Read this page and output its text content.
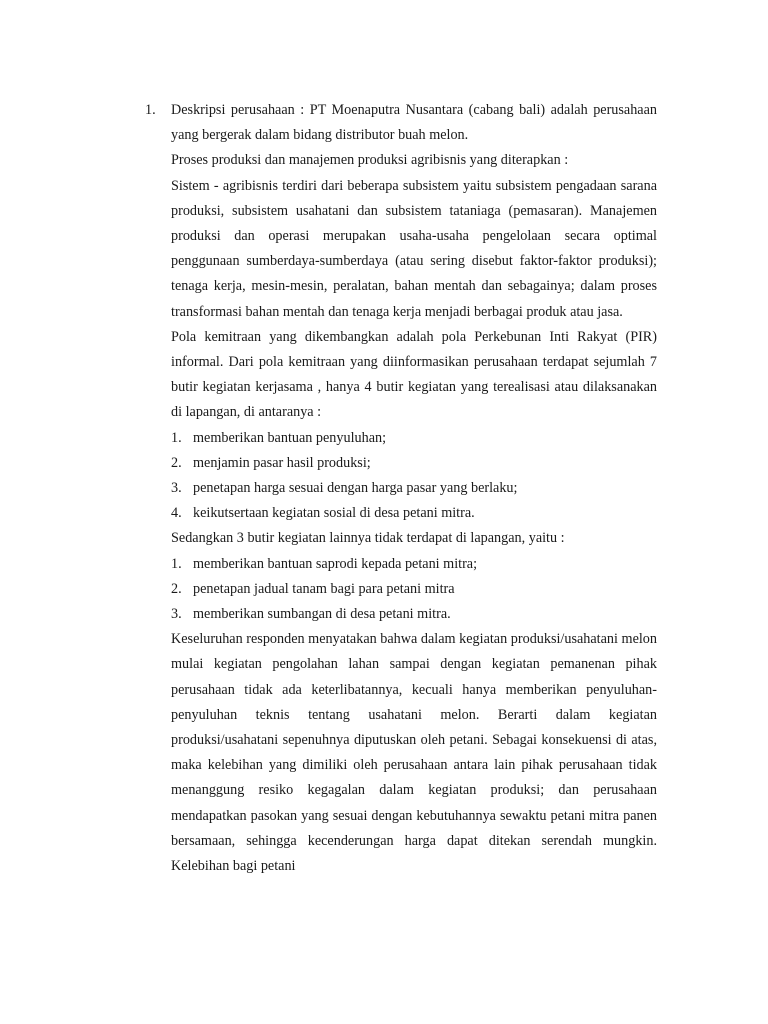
1. Deskripsi perusahaan : PT Moenaputra Nusantara (cabang bali) adalah perusahaan yang bergerak dalam bidang distributor buah melon.

Proses produksi dan manajemen produksi agribisnis yang diterapkan :

Sistem - agribisnis terdiri dari beberapa subsistem yaitu subsistem pengadaan sarana produksi, subsistem usahatani dan subsistem tataniaga (pemasaran). Manajemen produksi dan operasi merupakan usaha-usaha pengelolaan secara optimal penggunaan sumberdaya-sumberdaya (atau sering disebut faktor-faktor produksi); tenaga kerja, mesin-mesin, peralatan, bahan mentah dan sebagainya; dalam proses transformasi bahan mentah dan tenaga kerja menjadi berbagai produk atau jasa.

Pola kemitraan yang dikembangkan adalah pola Perkebunan Inti Rakyat (PIR) informal. Dari pola kemitraan yang diinformasikan perusahaan terdapat sejumlah 7 butir kegiatan kerjasama , hanya 4 butir kegiatan yang terealisasi atau dilaksanakan di lapangan, di antaranya :

1. memberikan bantuan penyuluhan;
2. menjamin pasar hasil produksi;
3. penetapan harga sesuai dengan harga pasar yang berlaku;
4. keikutsertaan kegiatan sosial di desa petani mitra.

Sedangkan 3 butir kegiatan lainnya tidak terdapat di lapangan, yaitu :

1. memberikan bantuan saprodi kepada petani mitra;
2. penetapan jadual tanam bagi para petani mitra
3. memberikan sumbangan di desa petani mitra.

Keseluruhan responden menyatakan bahwa dalam kegiatan produksi/usahatani melon mulai kegiatan pengolahan lahan sampai dengan kegiatan pemanenan pihak perusahaan tidak ada keterlibatannya, kecuali hanya memberikan penyuluhan-penyuluhan teknis tentang usahatani melon. Berarti dalam kegiatan produksi/usahatani sepenuhnya diputuskan oleh petani. Sebagai konsekuensi di atas, maka kelebihan yang dimiliki oleh perusahaan antara lain pihak perusahaan tidak menanggung resiko kegagalan dalam kegiatan produksi; dan perusahaan mendapatkan pasokan yang sesuai dengan kebutuhannya sewaktu petani mitra panen bersamaan, sehingga kecenderungan harga dapat ditekan serendah mungkin. Kelebihan bagi petani
